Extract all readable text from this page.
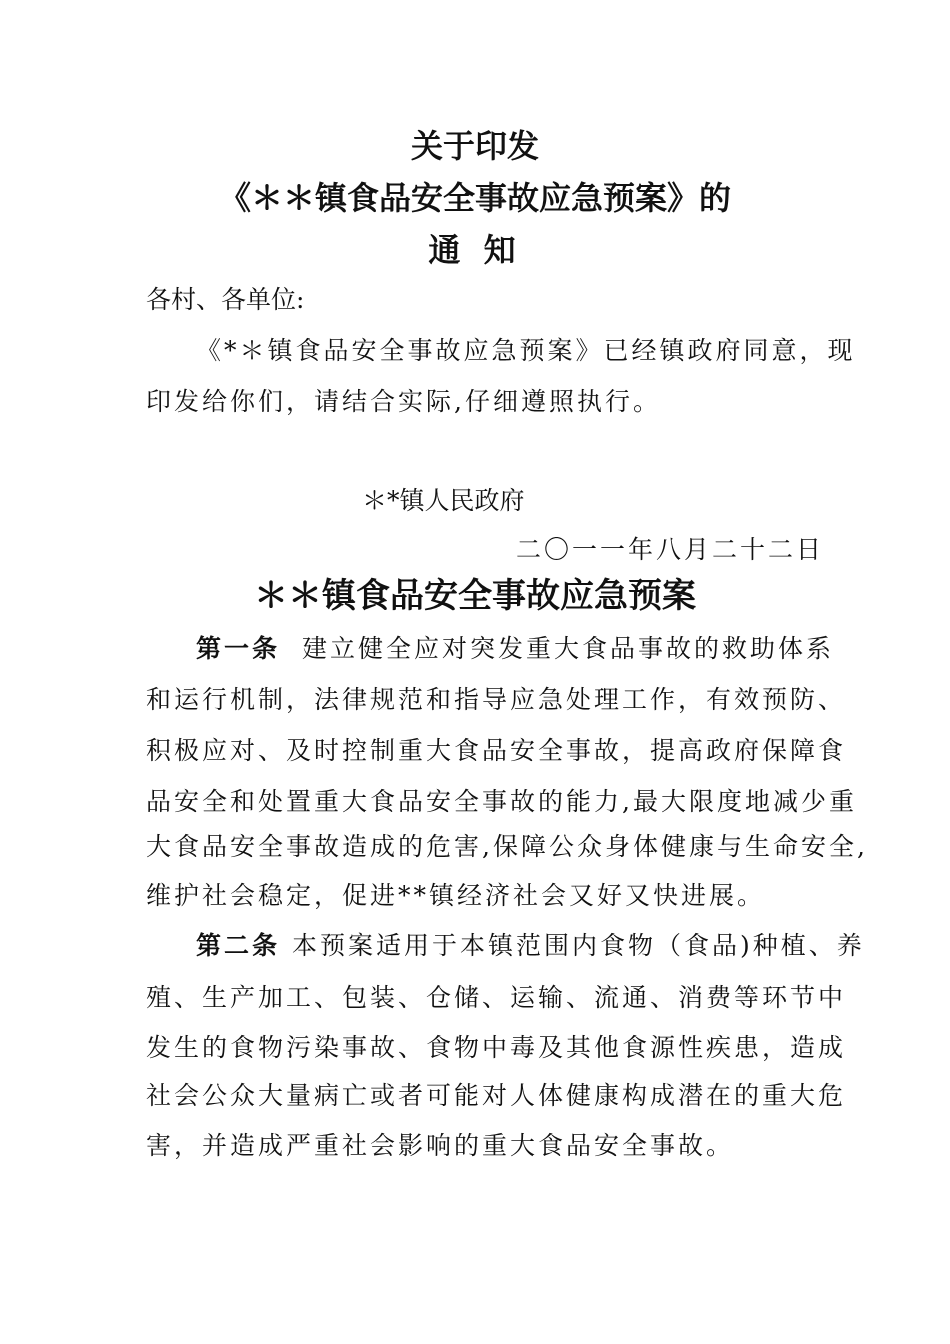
关于印发
《＊＊镇食品安全事故应急预案》的
通 知
各村、各单位:
《*＊镇食品安全事故应急预案》已经镇政府同意，现
印发给你们，请结合实际,仔细遵照执行。
＊*镇人民政府
二〇一一年八月二十二日
＊＊镇食品安全事故应急预案
第一条 建立健全应对突发重大食品事故的救助体系
和运行机制，法律规范和指导应急处理工作，有效预防、
积极应对、及时控制重大食品安全事故，提高政府保障食
品安全和处置重大食品安全事故的能力,最大限度地减少重
大食品安全事故造成的危害,保障公众身体健康与生命安全,
维护社会稳定，促进**镇经济社会又好又快进展。
第二条 本预案适用于本镇范围内食物（食品)种植、养
殖、生产加工、包装、仓储、运输、流通、消费等环节中
发生的食物污染事故、食物中毒及其他食源性疾患，造成
社会公众大量病亡或者可能对人体健康构成潜在的重大危
害，并造成严重社会影响的重大食品安全事故。
